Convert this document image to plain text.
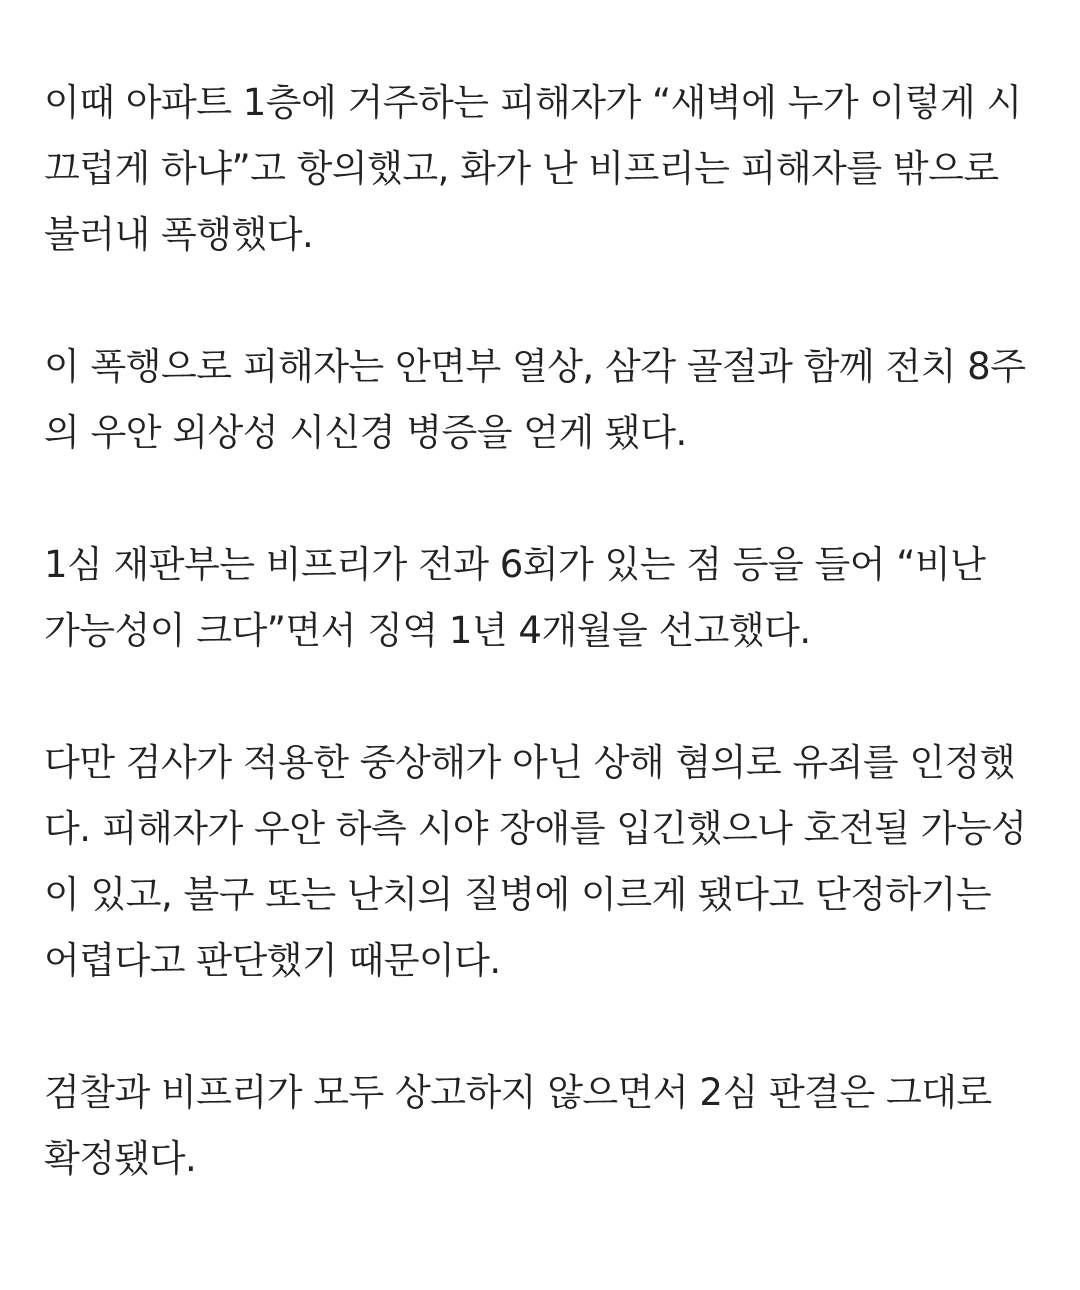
이때 아파트 1층에 거주하는 피해자가 “새벽에 누가 이렇게 시
끄럽게 하냐”고 항의했고, 화가 난 비프리는 피해자를 밖으로
불러내 폭행했다.

이 폭행으로 피해자는 안면부 열상, 삼각 골절과 함께 전치 8주
의 우안 외상성 시신경 병증을 얻게 됐다.

1심 재판부는 비프리가 전과 6회가 있는 점 등을 들어 “비난
가능성이 크다”면서 징역 1년 4개월을 선고했다.

다만 검사가 적용한 중상해가 아닌 상해 혐의로 유죄를 인정했
다. 피해자가 우안 하측 시야 장애를 입긴했으나 호전될 가능성
이 있고, 불구 또는 난치의 질병에 이르게 됐다고 단정하기는
어렵다고 판단했기 때문이다.

검찰과 비프리가 모두 상고하지 않으면서 2심 판결은 그대로
확정됐다.
